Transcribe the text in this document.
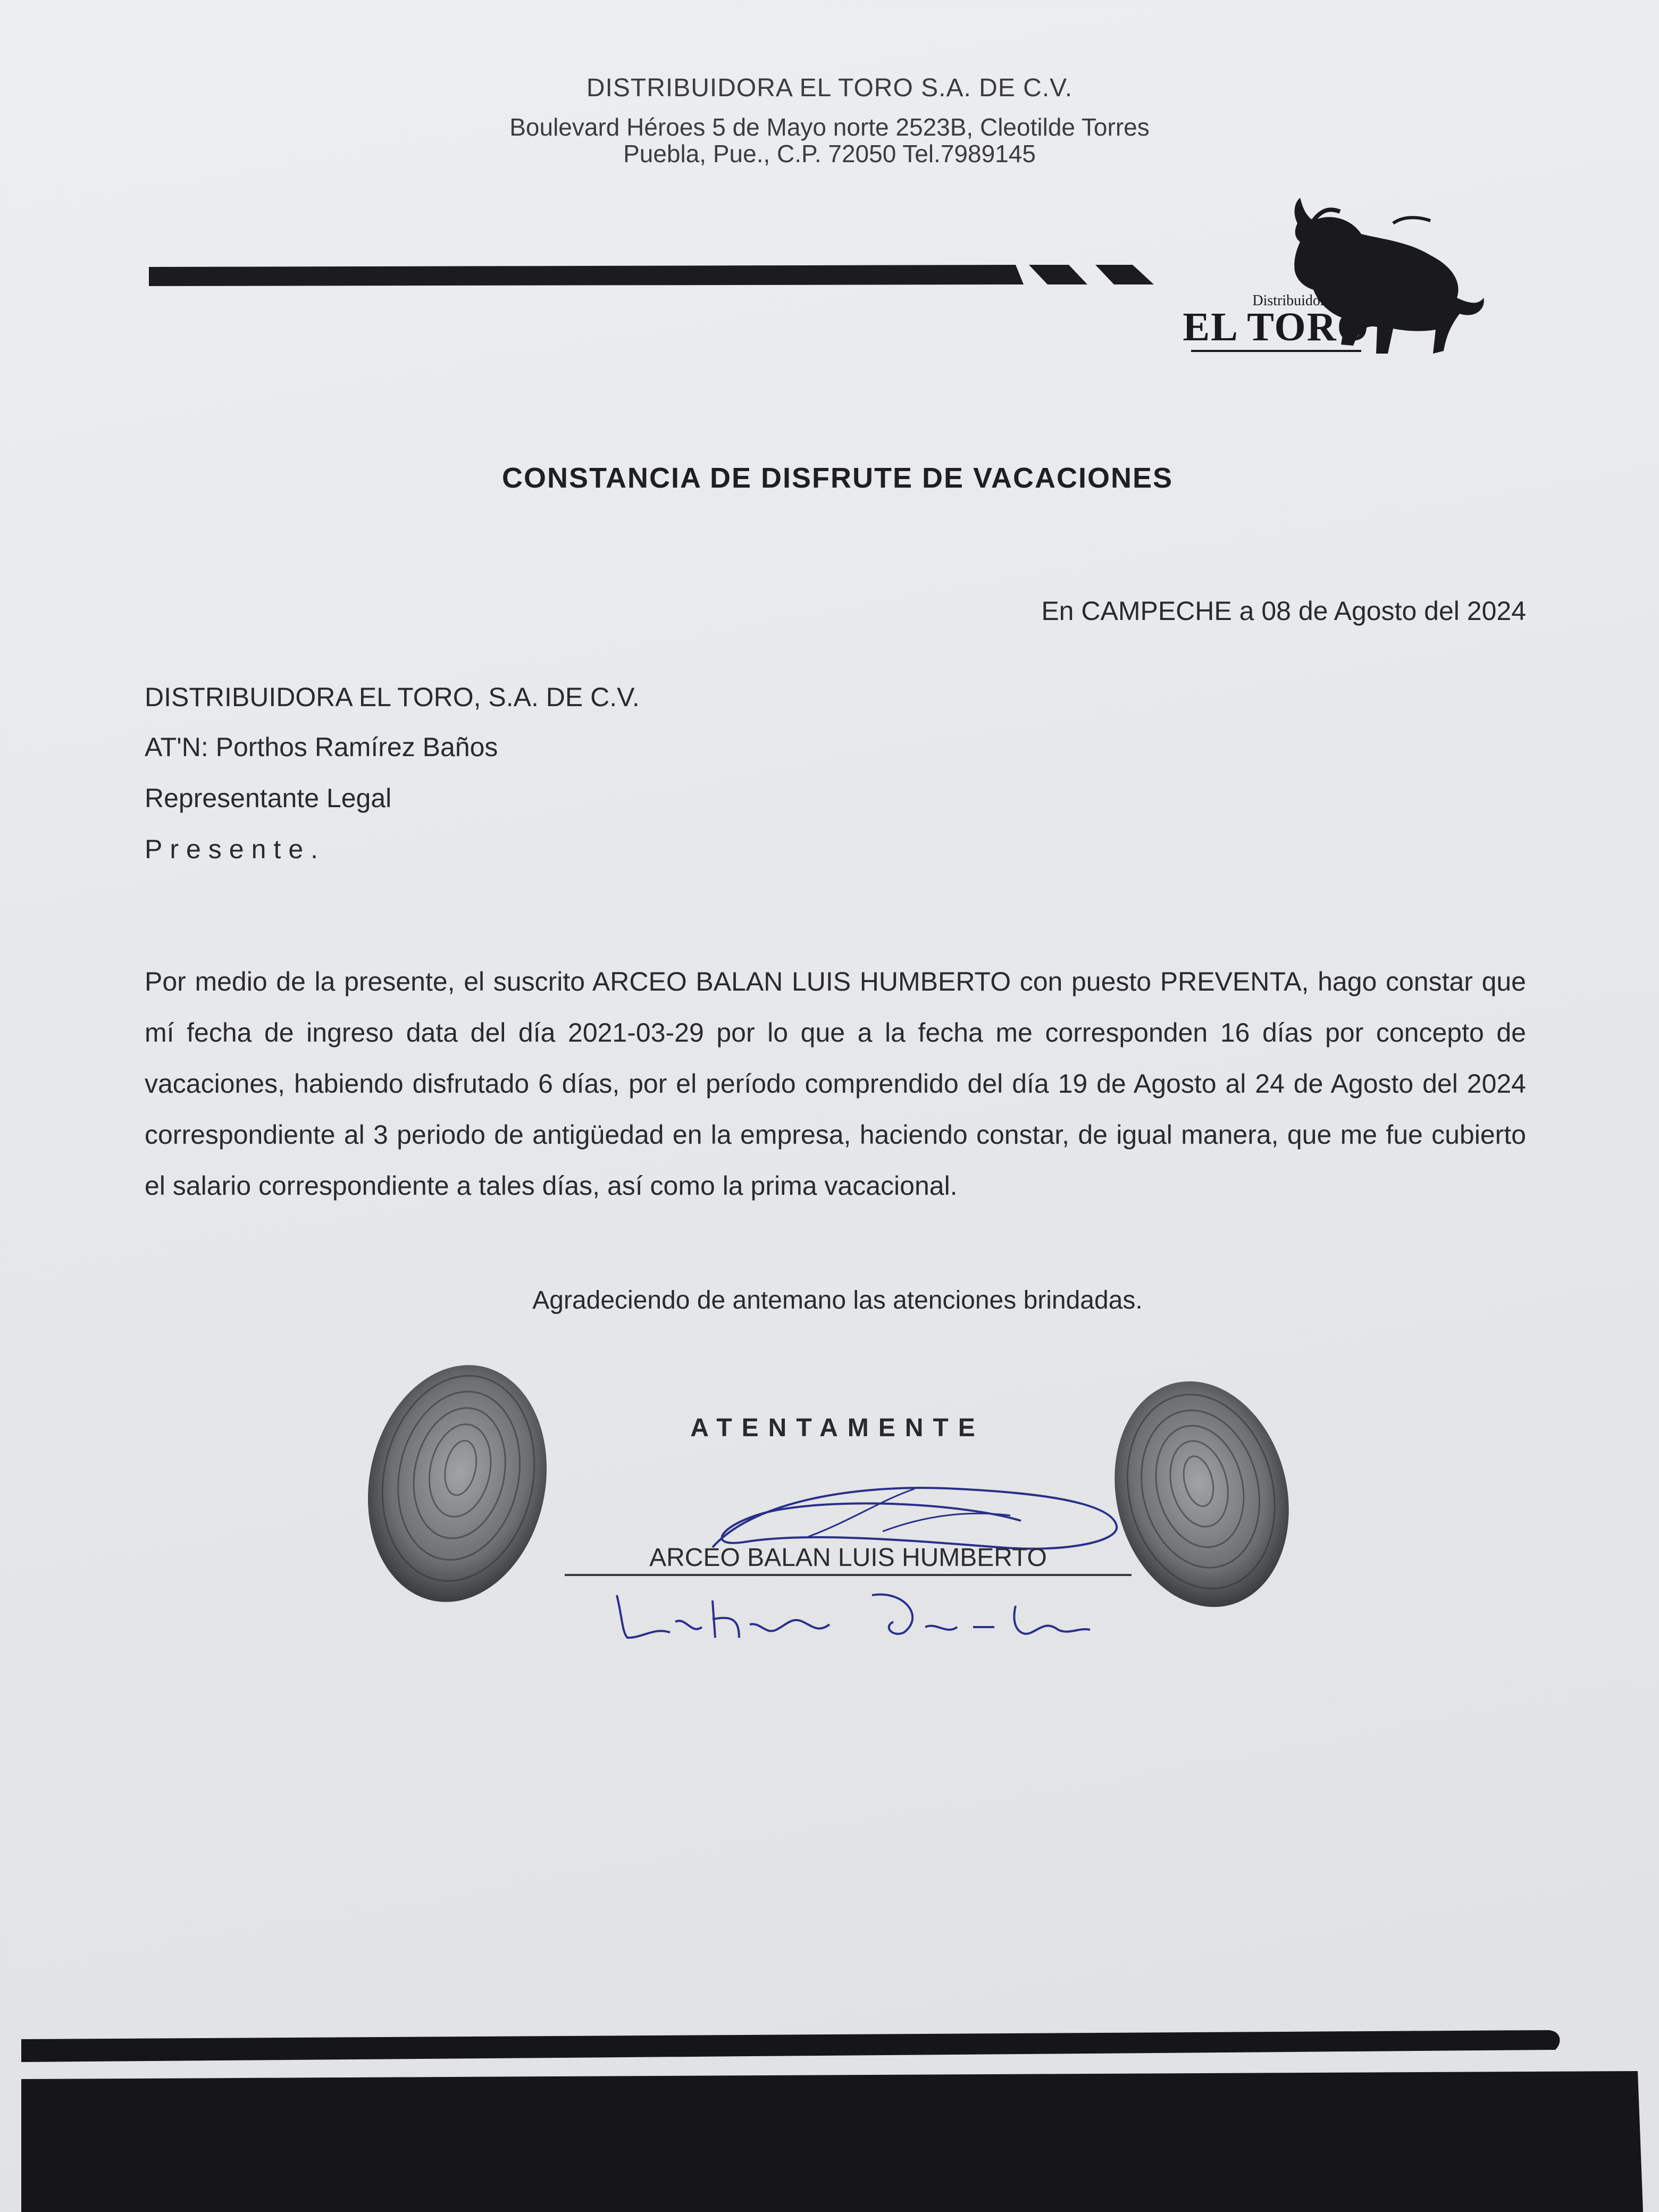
DISTRIBUIDORA EL TORO S.A. DE C.V.
Boulevard Héroes 5 de Mayo norte 2523B, Cleotilde Torres
Puebla, Pue., C.P. 72050 Tel.7989145
Distribuidora
EL TORO
CONSTANCIA DE DISFRUTE DE VACACIONES
En CAMPECHE a 08 de Agosto del 2024
DISTRIBUIDORA EL TORO, S.A. DE C.V.
AT'N: Porthos Ramírez Baños
Representante Legal
Presente.
Por medio de la presente, el suscrito ARCEO BALAN LUIS HUMBERTO con puesto PREVENTA, hago constar que mí fecha de ingreso data del día 2021-03-29 por lo que a la fecha me corresponden 16 días por concepto de vacaciones, habiendo disfrutado 6 días, por el período comprendido del día 19 de Agosto al 24 de Agosto del 2024 correspondiente al 3 periodo de antigüedad en la empresa, haciendo constar, de igual manera, que me fue cubierto el salario correspondiente a tales días, así como la prima vacacional.
Agradeciendo de antemano las atenciones brindadas.
ATENTAMENTE
ARCEO BALAN LUIS HUMBERTO
